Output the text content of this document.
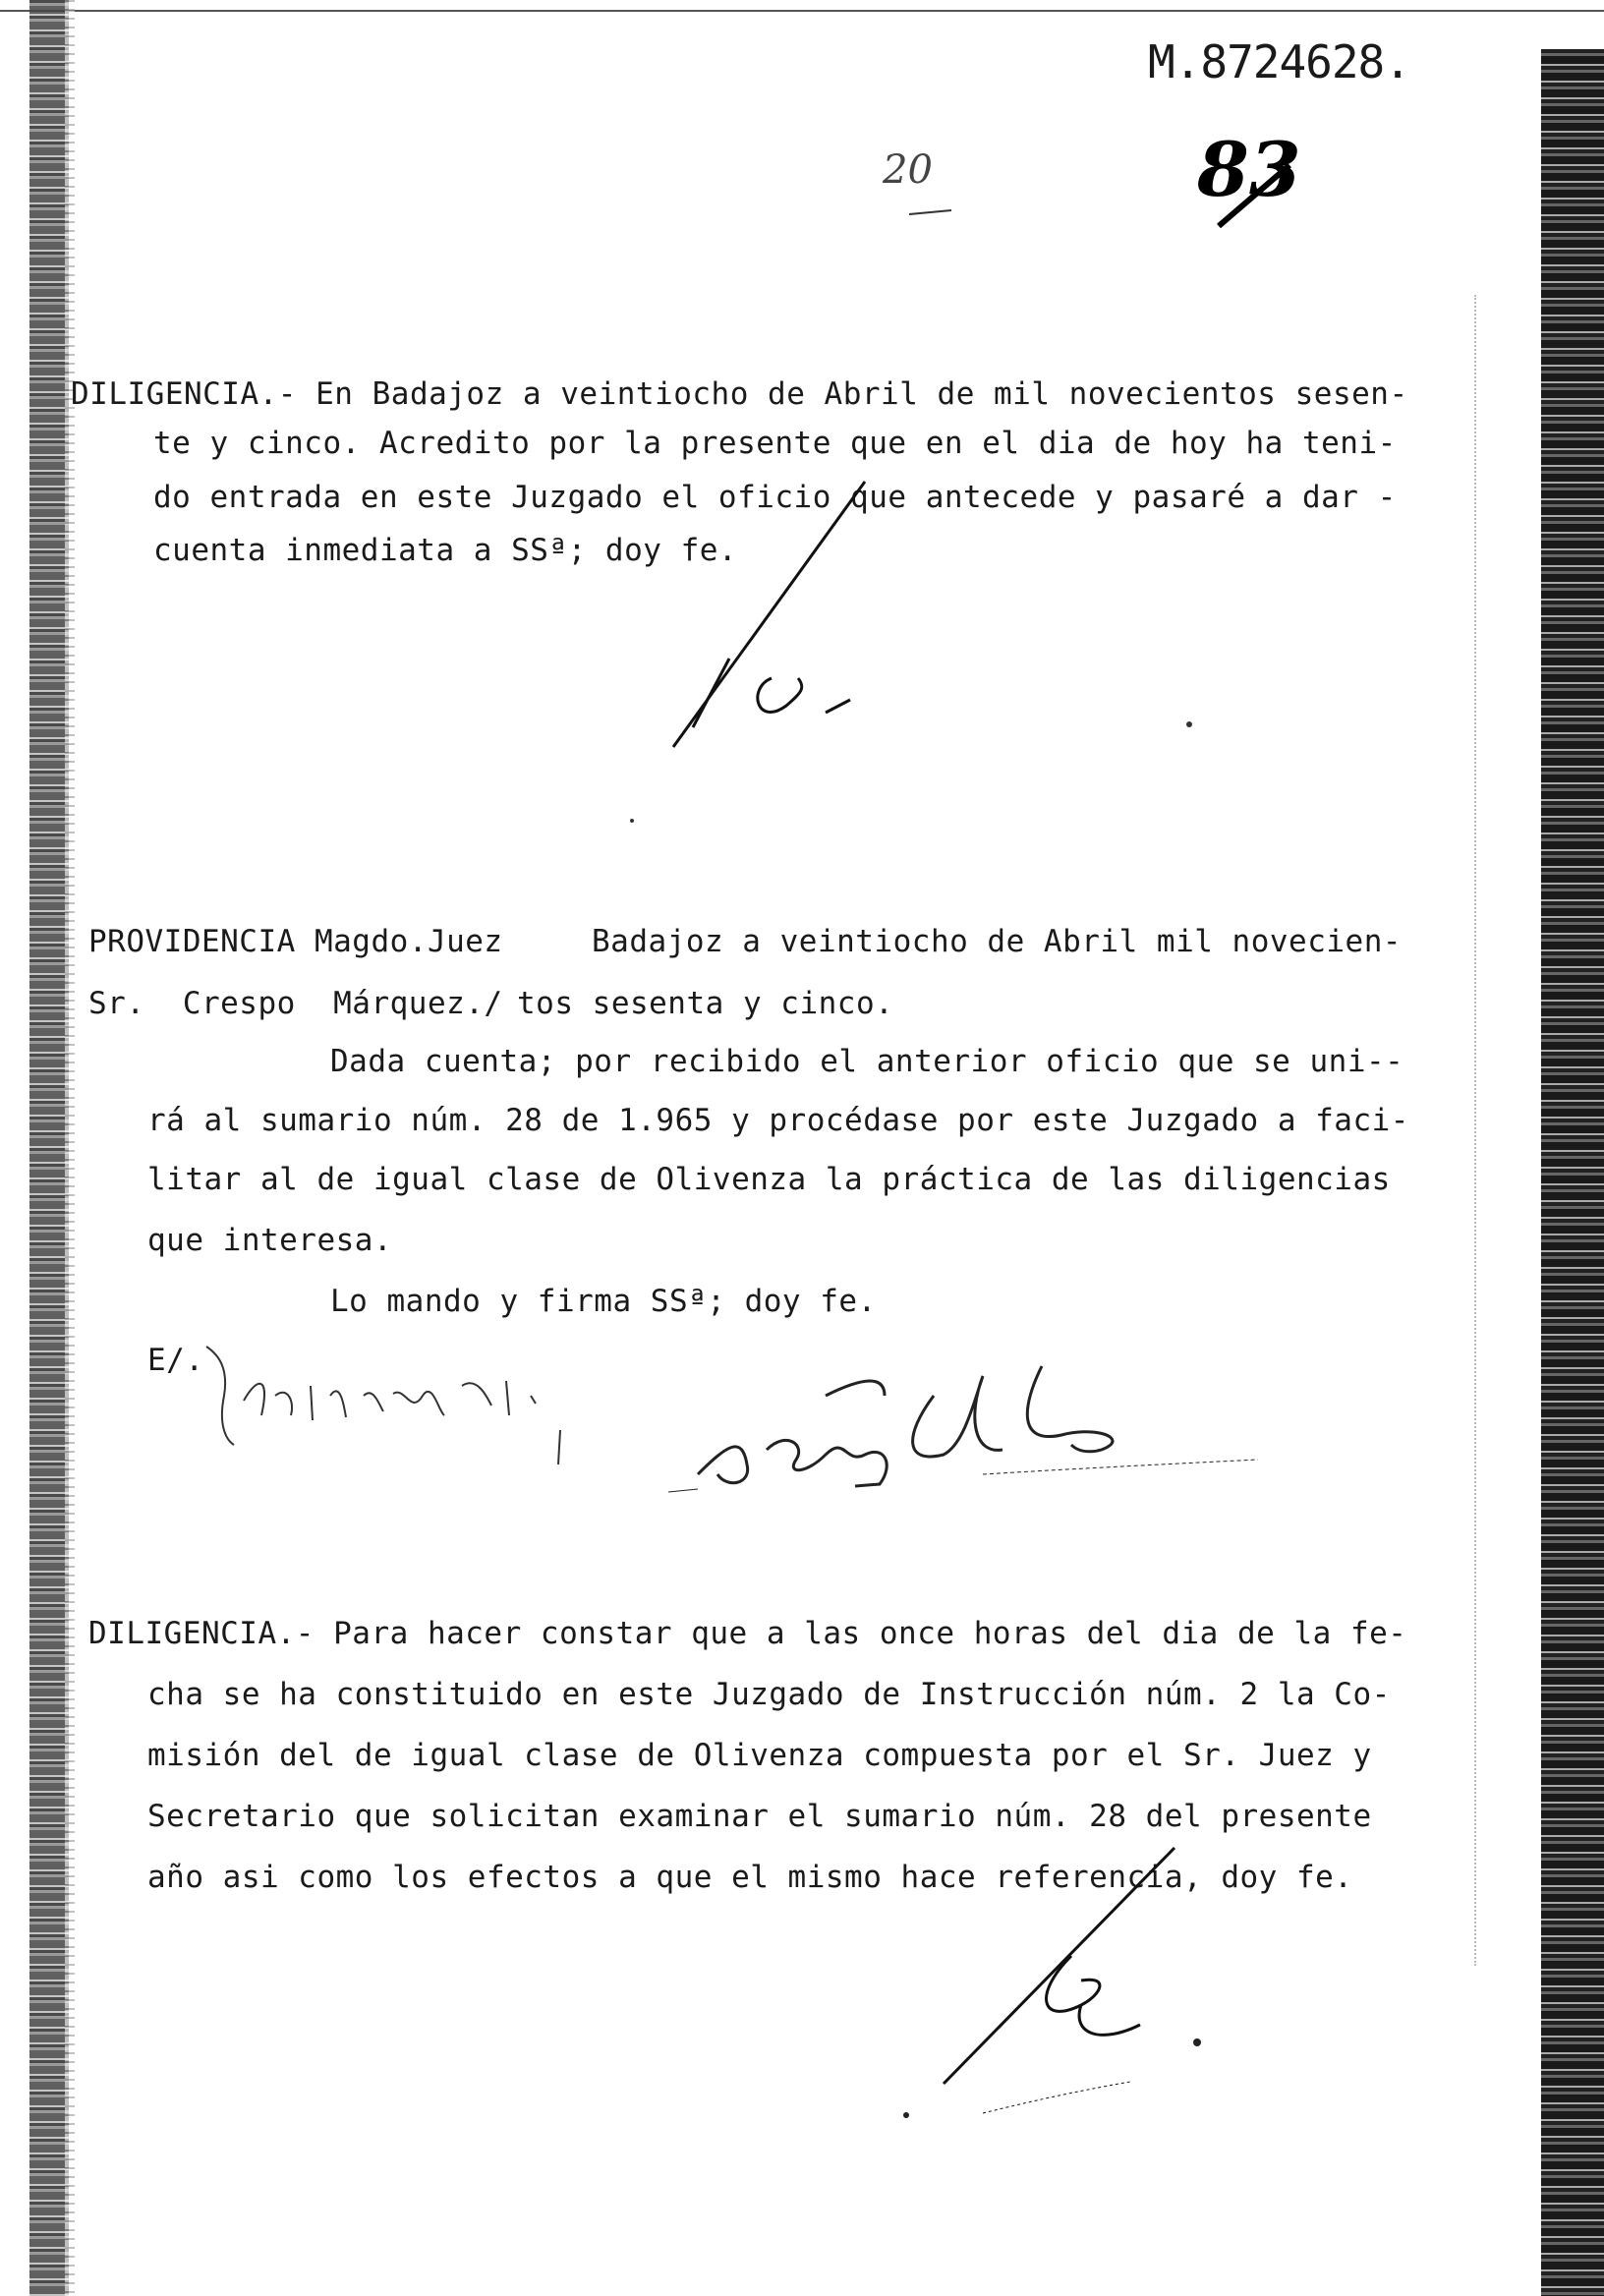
M.8724628.
20	83
DILIGENCIA.- En Badajoz a veintiocho de Abril de mil novecientos sesen-
te y cinco. Acredito por la presente que en el dia de hoy ha teni-
do entrada en este Juzgado el oficio que antecede y pasaré a dar -
cuenta inmediata a SSª; doy fe.
PROVIDENCIA Magdo.Juez	Badajoz a veintiocho de Abril mil novecien-
Sr.  Crespo  Márquez./ tos sesenta y cinco.
Dada cuenta; por recibido el anterior oficio que se uni--
rá al sumario núm. 28 de 1.965 y procédase por este Juzgado a faci-
litar al de igual clase de Olivenza la práctica de las diligencias
que interesa.
Lo mando y firma SSª; doy fe.
E/.
DILIGENCIA.- Para hacer constar que a las once horas del dia de la fe-
cha se ha constituido en este Juzgado de Instrucción núm. 2 la Co-
misión del de igual clase de Olivenza compuesta por el Sr. Juez y
Secretario que solicitan examinar el sumario núm. 28 del presente
año asi como los efectos a que el mismo hace referencia, doy fe.
